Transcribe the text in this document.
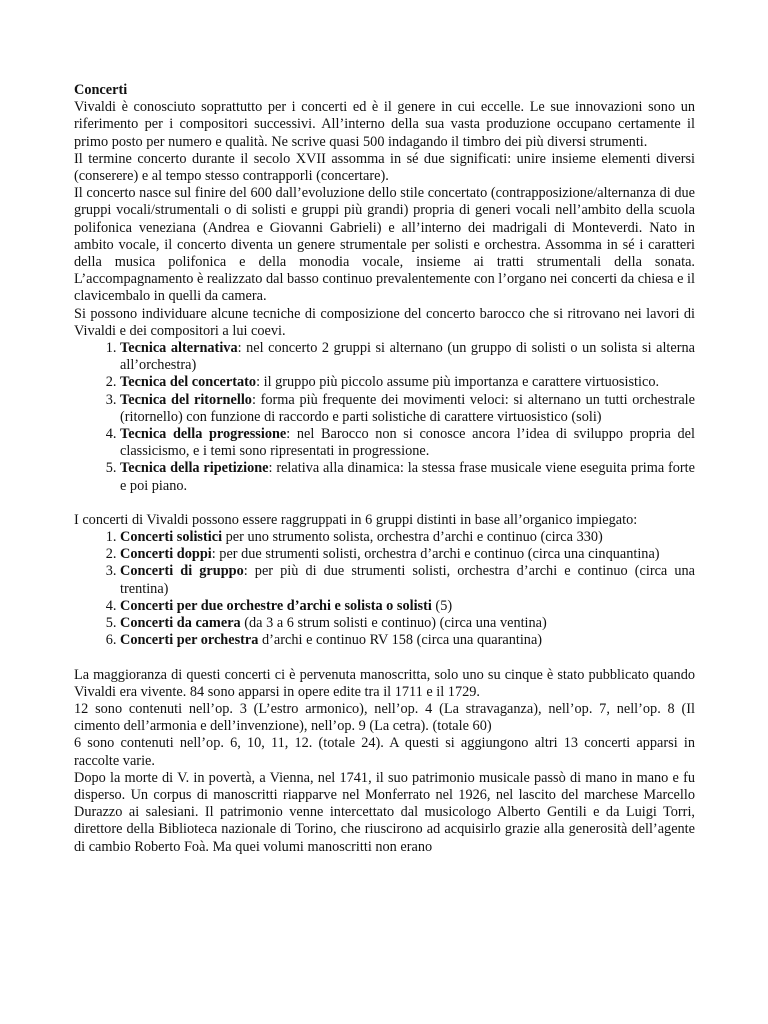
Concerti

Vivaldi è conosciuto soprattutto per i concerti ed è il genere in cui eccelle. Le sue innovazioni sono un riferimento per i compositori successivi. All’interno della sua vasta produzione occupano certamente il primo posto per numero e qualità. Ne scrive quasi 500 indagando il timbro dei più diversi strumenti.

Il termine concerto durante il secolo XVII assomma in sé due significati: unire insieme elementi diversi (conserere) e al tempo stesso contrapporli (concertare).

Il concerto nasce sul finire del 600 dall’evoluzione dello stile concertato (contrapposizione/alternanza di due gruppi vocali/strumentali o di solisti e gruppi più grandi) propria di generi vocali nell’ambito della scuola polifonica veneziana (Andrea e Giovanni Gabrieli) e all’interno dei madrigali di Monteverdi. Nato in ambito vocale, il concerto diventa un genere strumentale per solisti e orchestra. Assomma in sé i caratteri della musica polifonica e della monodia vocale, insieme ai tratti strumentali della sonata. L’accompagnamento è realizzato dal basso continuo prevalentemente con l’organo nei concerti da chiesa e il clavicembalo in quelli da camera.

Si possono individuare alcune tecniche di composizione del concerto barocco che si ritrovano nei lavori di Vivaldi e dei compositori a lui coevi.

1. Tecnica alternativa: nel concerto 2 gruppi si alternano (un gruppo di solisti o un solista si alterna all’orchestra)
2. Tecnica del concertato: il gruppo più piccolo assume più importanza e carattere virtuosistico.
3. Tecnica del ritornello: forma più frequente dei movimenti veloci: si alternano un tutti orchestrale (ritornello) con funzione di raccordo e parti solistiche di carattere virtuosistico (soli)
4. Tecnica della progressione: nel Barocco non si conosce ancora l’idea di sviluppo propria del classicismo, e i temi sono ripresentati in progressione.
5. Tecnica della ripetizione: relativa alla dinamica: la stessa frase musicale viene eseguita prima forte e poi piano.

I concerti di Vivaldi possono essere raggruppati in 6 gruppi distinti in base all’organico impiegato:

1. Concerti solistici per uno strumento solista, orchestra d’archi e continuo (circa 330)
2. Concerti doppi: per due strumenti solisti, orchestra d’archi e continuo (circa una cinquantina)
3. Concerti di gruppo: per più di due strumenti solisti, orchestra d’archi e continuo (circa una trentina)
4. Concerti per due orchestre d’archi e solista o solisti (5)
5. Concerti da camera (da 3 a 6 strum solisti e continuo) (circa una ventina)
6. Concerti per orchestra d’archi e continuo RV 158 (circa una quarantina)

La maggioranza di questi concerti ci è pervenuta manoscritta, solo uno su cinque è stato pubblicato quando Vivaldi era vivente. 84 sono apparsi in opere edite tra il 1711 e il 1729.

12 sono contenuti nell’op. 3 (L’estro armonico), nell’op. 4 (La stravaganza), nell’op. 7, nell’op. 8 (Il cimento dell’armonia e dell’invenzione), nell’op. 9 (La cetra). (totale 60)

6 sono contenuti nell’op. 6, 10, 11, 12. (totale 24). A questi si aggiungono altri 13 concerti apparsi in raccolte varie.

Dopo la morte di V. in povertà, a Vienna, nel 1741, il suo patrimonio musicale passò di mano in mano e fu disperso. Un corpus di manoscritti riapparve nel Monferrato nel 1926, nel lascito del marchese Marcello Durazzo ai salesiani. Il patrimonio venne intercettato dal musicologo Alberto Gentili e da Luigi Torri, direttore della Biblioteca nazionale di Torino, che riuscirono ad acquisirlo grazie alla generosità dell’agente di cambio Roberto Foà. Ma quei volumi manoscritti non erano
